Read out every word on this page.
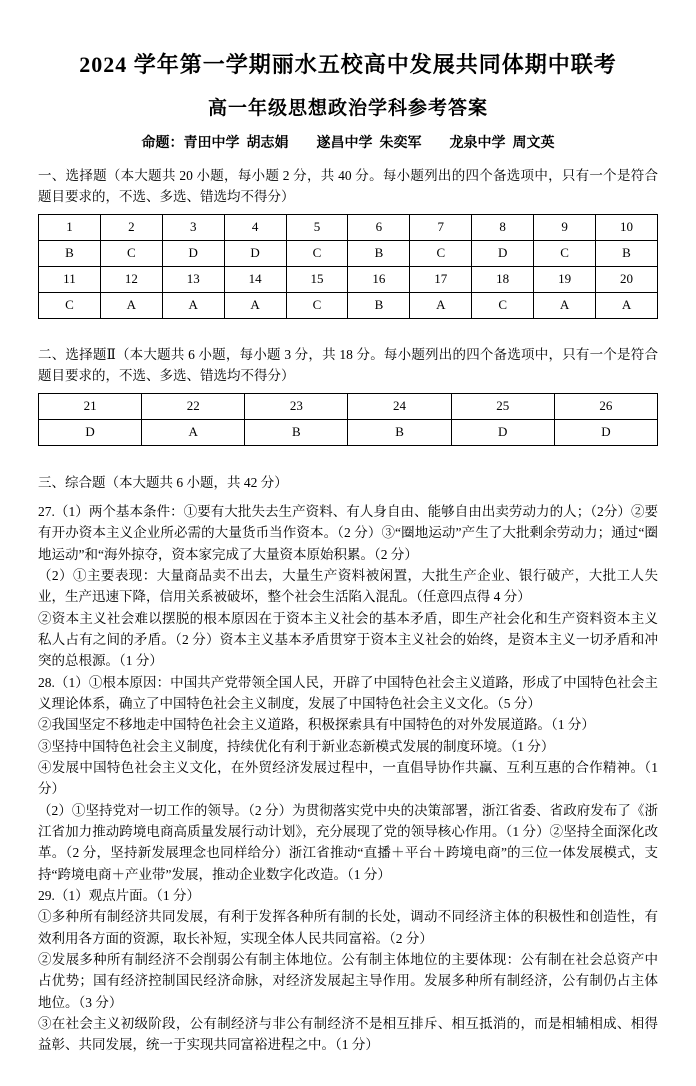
2024 学年第一学期丽水五校高中发展共同体期中联考
高一年级思想政治学科参考答案
命题：青田中学  胡志娟        遂昌中学  朱奕军        龙泉中学  周文英

一、选择题（本大题共 20 小题，每小题 2 分，共 40 分。每小题列出的四个备选项中，只有一个是符合题目要求的，不选、多选、错选均不得分）

1	2	3	4	5	6	7	8	9	10
B	C	D	D	C	B	C	D	C	B
11	12	13	14	15	16	17	18	19	20
C	A	A	A	C	B	A	C	A	A

二、选择题Ⅱ（本大题共 6 小题，每小题 3 分，共 18 分。每小题列出的四个备选项中，只有一个是符合题目要求的，不选、多选、错选均不得分）

21	22	23	24	25	26
D	A	B	B	D	D

三、综合题（本大题共 6 小题，共 42 分）

27.（1）两个基本条件：①要有大批失去生产资料、有人身自由、能够自由出卖劳动力的人；（2分）②要有开办资本主义企业所必需的大量货币当作资本。（2 分）③“圈地运动”产生了大批剩余劳动力；通过“圈地运动”和“海外掠夺，资本家完成了大量资本原始积累。（2 分）

（2）①主要表现：大量商品卖不出去，大量生产资料被闲置，大批生产企业、银行破产，大批工人失业，生产迅速下降，信用关系被破坏，整个社会生活陷入混乱。（任意四点得 4 分）

②资本主义社会难以摆脱的根本原因在于资本主义社会的基本矛盾，即生产社会化和生产资料资本主义私人占有之间的矛盾。（2 分）资本主义基本矛盾贯穿于资本主义社会的始终，是资本主义一切矛盾和冲突的总根源。（1 分）

28.（1）①根本原因：中国共产党带领全国人民，开辟了中国特色社会主义道路，形成了中国特色社会主义理论体系，确立了中国特色社会主义制度，发展了中国特色社会主义文化。（5 分）

②我国坚定不移地走中国特色社会主义道路，积极探索具有中国特色的对外发展道路。（1 分）

③坚持中国特色社会主义制度，持续优化有利于新业态新模式发展的制度环境。（1 分）

④发展中国特色社会主义文化，在外贸经济发展过程中，一直倡导协作共赢、互利互惠的合作精神。（1 分）

（2）①坚持党对一切工作的领导。（2 分）为贯彻落实党中央的决策部署，浙江省委、省政府发布了《浙江省加力推动跨境电商高质量发展行动计划》，充分展现了党的领导核心作用。（1 分）②坚持全面深化改革。（2 分，坚持新发展理念也同样给分）浙江省推动“直播＋平台＋跨境电商”的三位一体发展模式，支持“跨境电商＋产业带”发展，推动企业数字化改造。（1 分）

29.（1）观点片面。（1 分）

①多种所有制经济共同发展，有利于发挥各种所有制的长处，调动不同经济主体的积极性和创造性，有效利用各方面的资源，取长补短，实现全体人民共同富裕。（2 分）

②发展多种所有制经济不会削弱公有制主体地位。公有制主体地位的主要体现：公有制在社会总资产中占优势；国有经济控制国民经济命脉，对经济发展起主导作用。发展多种所有制经济，公有制仍占主体地位。（3 分）

③在社会主义初级阶段，公有制经济与非公有制经济不是相互排斥、相互抵消的，而是相辅相成、相得益彰、共同发展，统一于实现共同富裕进程之中。（1 分）
